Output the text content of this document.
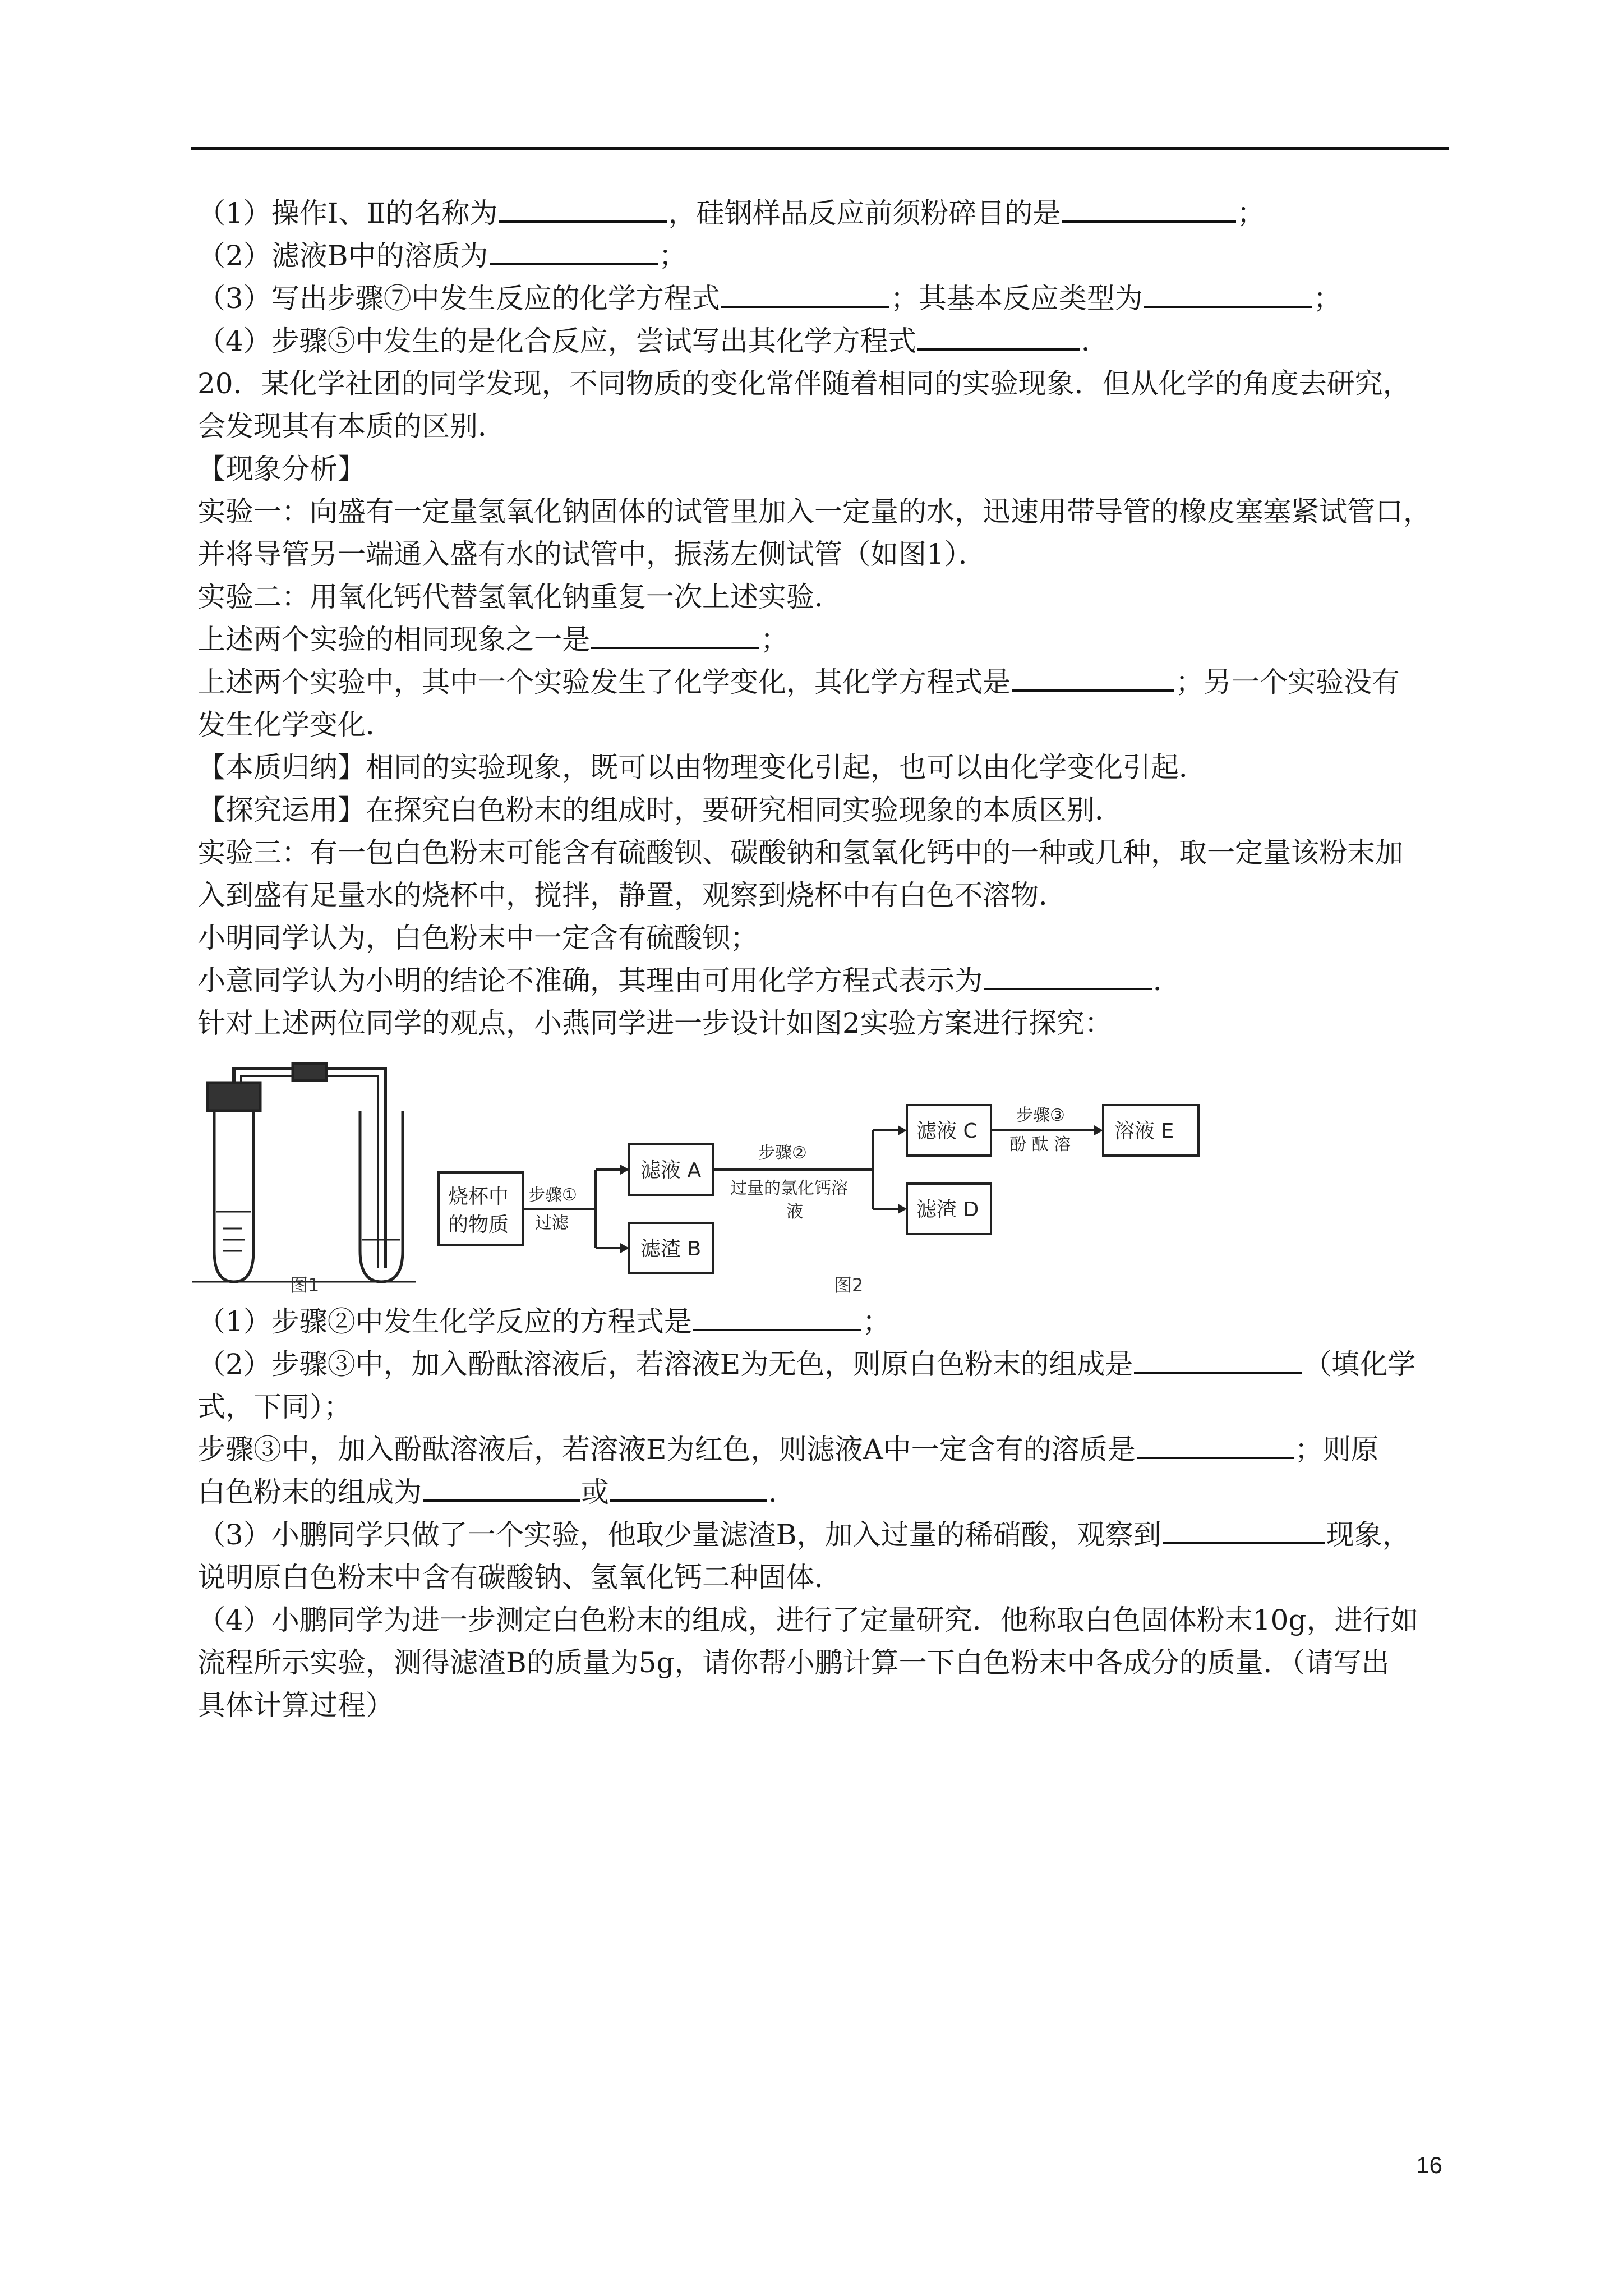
（1）操作Ⅰ、Ⅱ的名称为	，硅钢样品反应前须粉碎目的是	；
（2）滤液B中的溶质为	；
（3）写出步骤⑦中发生反应的化学方程式	；其基本反应类型为	；
（4）步骤⑤中发生的是化合反应，尝试写出其化学方程式	．
20．某化学社团的同学发现，不同物质的变化常伴随着相同的实验现象．但从化学的角度去研究，
会发现其有本质的区别．
【现象分析】
实验一：向盛有一定量氢氧化钠固体的试管里加入一定量的水，迅速用带导管的橡皮塞塞紧试管口，
并将导管另一端通入盛有水的试管中，振荡左侧试管（如图1）．
实验二：用氧化钙代替氢氧化钠重复一次上述实验．
上述两个实验的相同现象之一是	；
上述两个实验中，其中一个实验发生了化学变化，其化学方程式是	；另一个实验没有
发生化学变化．
【本质归纳】相同的实验现象，既可以由物理变化引起，也可以由化学变化引起．
【探究运用】在探究白色粉末的组成时，要研究相同实验现象的本质区别．
实验三：有一包白色粉末可能含有硫酸钡、碳酸钠和氢氧化钙中的一种或几种，取一定量该粉末加
入到盛有足量水的烧杯中，搅拌，静置，观察到烧杯中有白色不溶物．
小明同学认为，白色粉末中一定含有硫酸钡；
小意同学认为小明的结论不准确，其理由可用化学方程式表示为	．
针对上述两位同学的观点，小燕同学进一步设计如图2实验方案进行探究：
（1）步骤②中发生化学反应的方程式是	；
（2）步骤③中，加入酚酞溶液后，若溶液E为无色，则原白色粉末的组成是	（填化学
式，下同）；
步骤③中，加入酚酞溶液后，若溶液E为红色，则滤液A中一定含有的溶质是	；则原
白色粉末的组成为	或	．
（3）小鹏同学只做了一个实验，他取少量滤渣B，加入过量的稀硝酸，观察到	现象，
说明原白色粉末中含有碳酸钠、氢氧化钙二种固体．
（4）小鹏同学为进一步测定白色粉末的组成，进行了定量研究．他称取白色固体粉末10g，进行如
流程所示实验，测得滤渣B的质量为5g，请你帮小鹏计算一下白色粉末中各成分的质量．（请写出
具体计算过程）
图1
烧杯中
的物质
步骤①
过滤
滤液 A
滤渣 B
步骤②
过量的氯化钙溶
液
滤液 C
滤渣 D
步骤③
酚 酞 溶
溶液 E
图2
16
